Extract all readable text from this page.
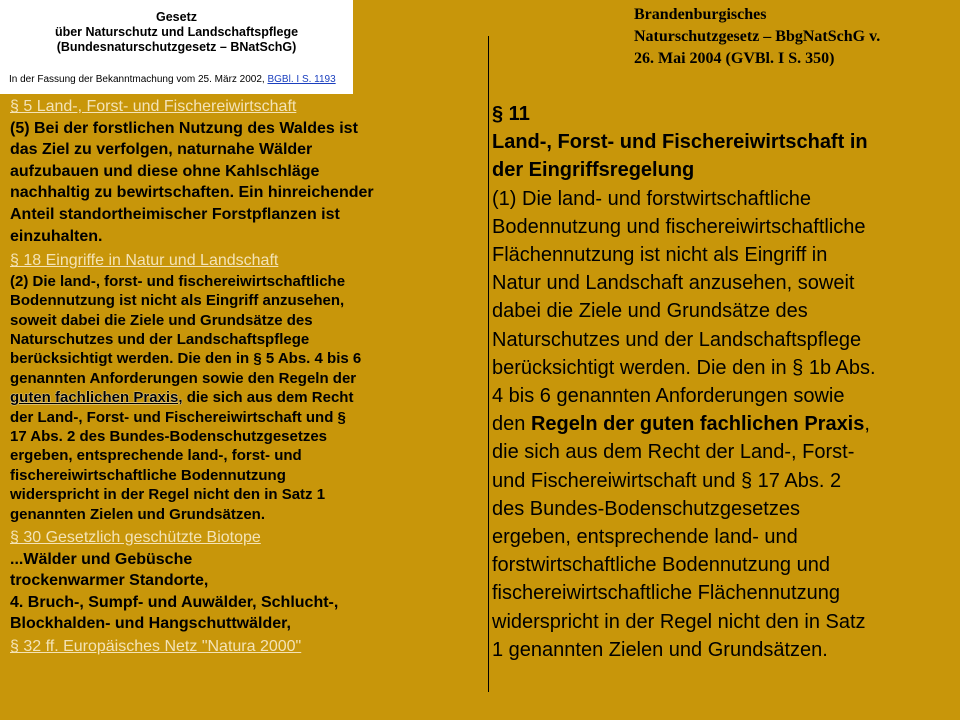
Gesetz
über Naturschutz und Landschaftspflege
(Bundesnaturschutzgesetz – BNatSchG)
In der Fassung der Bekanntmachung vom 25. März 2002, BGBl. I S. 1193
Brandenburgisches
Naturschutzgesetz – BbgNatSchG v.
26. Mai 2004 (GVBl. I S. 350)
§ 5 Land-, Forst- und Fischereiwirtschaft
(5) Bei der forstlichen Nutzung des Waldes ist
das Ziel zu verfolgen, naturnahe Wälder
aufzubauen und diese ohne Kahlschläge
nachhaltig zu bewirtschaften. Ein hinreichender
Anteil standortheimischer Forstpflanzen ist
einzuhalten.
§ 18 Eingriffe in Natur und Landschaft
(2) Die land-, forst- und fischereiwirtschaftliche
Bodennutzung ist nicht als Eingriff anzusehen,
soweit dabei die Ziele und Grundsätze des
Naturschutzes und der Landschaftspflege
berücksichtigt werden. Die den in § 5 Abs. 4 bis 6
genannten Anforderungen sowie den Regeln der
guten fachlichen Praxis, die sich aus dem Recht
der Land-, Forst- und Fischereiwirtschaft und §
17 Abs. 2 des Bundes-Bodenschutzgesetzes
ergeben, entsprechende land-, forst- und
fischereiwirtschaftliche Bodennutzung
widerspricht in der Regel nicht den in Satz 1
genannten Zielen und Grundsätzen.
§ 30 Gesetzlich geschützte Biotope
...Wälder und Gebüsche
trockenwarmer Standorte,
4. Bruch-, Sumpf- und Auwälder, Schlucht-,
Blockhalden- und Hangschuttwälder,
§ 32 ff. Europäisches Netz "Natura 2000"
§ 11
Land-, Forst- und Fischereiwirtschaft in
der Eingriffsregelung
(1) Die land- und forstwirtschaftliche
Bodennutzung und fischereiwirtschaftliche
Flächennutzung ist nicht als Eingriff in
Natur und Landschaft anzusehen, soweit
dabei die Ziele und Grundsätze des
Naturschutzes und der Landschaftspflege
berücksichtigt werden. Die den in § 1b Abs.
4 bis 6 genannten Anforderungen sowie
den Regeln der guten fachlichen Praxis,
die sich aus dem Recht der Land-, Forst-
und Fischereiwirtschaft und § 17 Abs. 2
des Bundes-Bodenschutzgesetzes
ergeben, entsprechende land- und
forstwirtschaftliche Bodennutzung und
fischereiwirtschaftliche Flächennutzung
widerspricht in der Regel nicht den in Satz
1 genannten Zielen und Grundsätzen.
